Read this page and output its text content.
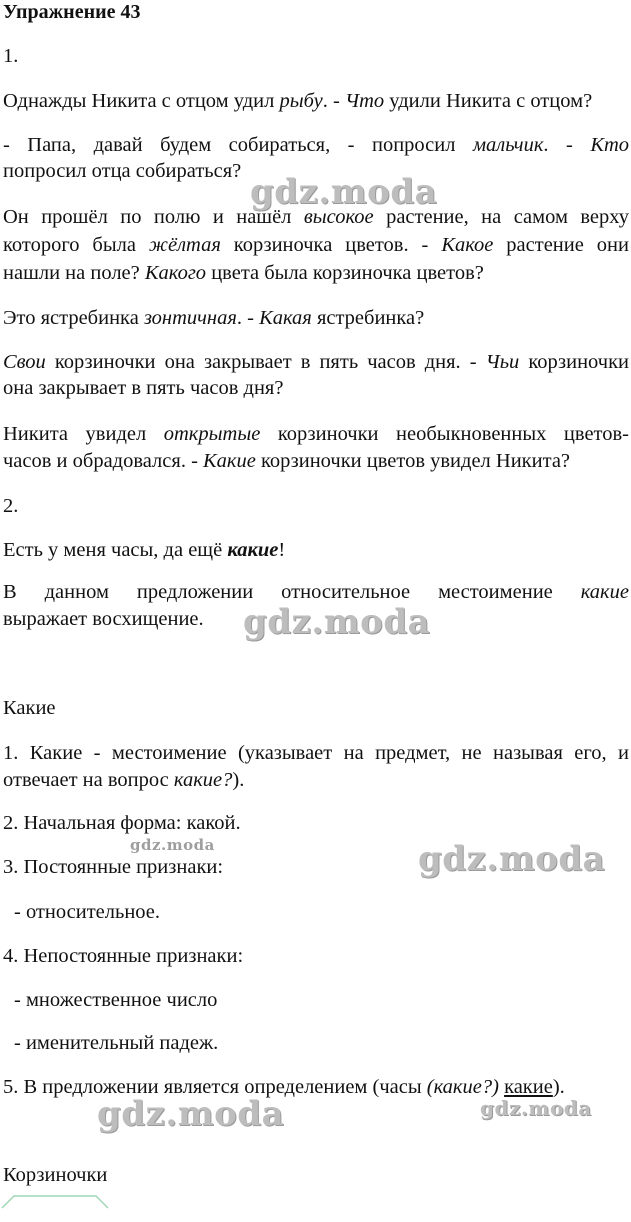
Упражнение 43
1.
Однажды Никита с отцом удил рыбу. - Что удили Никита с отцом?
- Папа, давай будем собираться, - попросил мальчик. - Кто
попросил отца собираться?
Он прошёл по полю и нашёл высокое растение, на самом верху
которого была жёлтая корзиночка цветов. - Какое растение они
нашли на поле? Какого цвета была корзиночка цветов?
Это ястребинка зонтичная. - Какая ястребинка?
Свои корзиночки она закрывает в пять часов дня. - Чьи корзиночки
она закрывает в пять часов дня?
Никита увидел открытые корзиночки необыкновенных цветов-
часов и обрадовался. - Какие корзиночки цветов увидел Никита?
2.
Есть у меня часы, да ещё какие!
В данном предложении относительное местоимение какие
выражает восхищение.
Какие
1. Какие - местоимение (указывает на предмет, не называя его, и
отвечает на вопрос какие?).
2. Начальная форма: какой.
3. Постоянные признаки:
- относительное.
4. Непостоянные признаки:
- множественное число
- именительный падеж.
5. В предложении является определением (часы (какие?) какие).
Корзиночки
gdz.moda
gdz.moda
gdz.moda	gdz.moda
gdz.moda	gdz.moda
